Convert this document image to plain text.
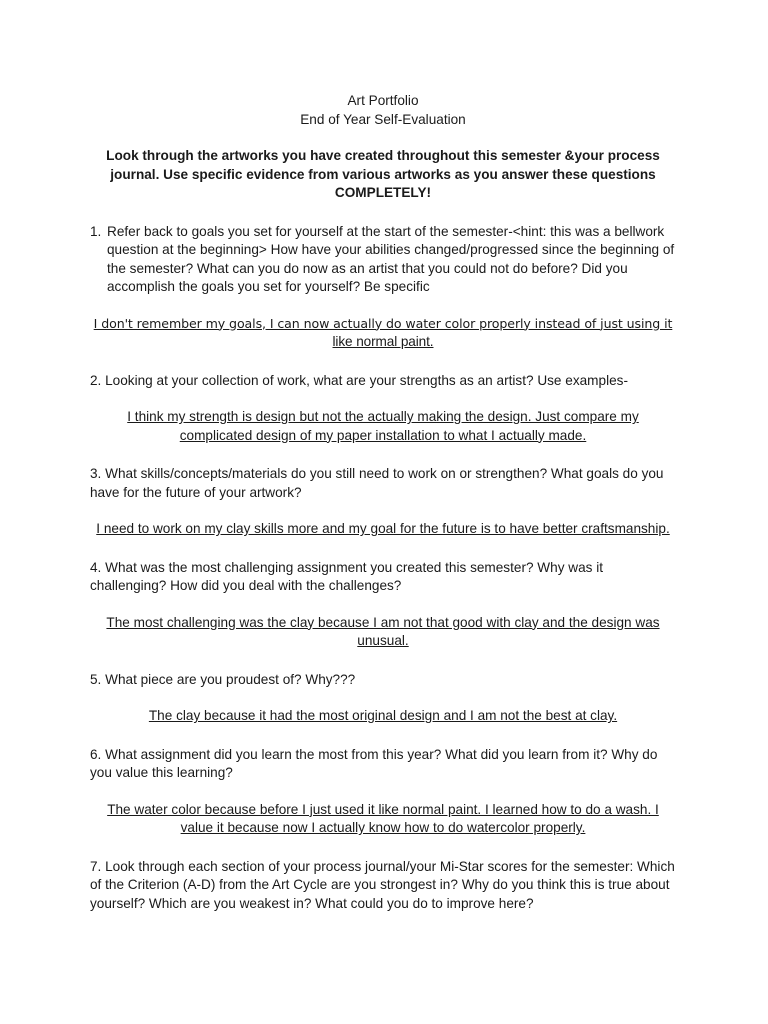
Art Portfolio
End of Year Self-Evaluation
Look through the artworks you have created throughout this semester &your process journal. Use specific evidence from various artworks as you answer these questions COMPLETELY!
1. Refer back to goals you set for yourself at the start of the semester-<hint: this was a bellwork question at the beginning> How have your abilities changed/progressed since the beginning of the semester? What can you do now as an artist that you could not do before? Did you accomplish the goals you set for yourself? Be specific
I don't remember my goals, I can now actually do water color properly instead of just using it
like normal paint.
2. Looking at your collection of work, what are your strengths as an artist? Use examples-
I think my strength is design but not the actually making the design. Just compare my complicated design of my paper installation to what I actually made.
3. What skills/concepts/materials do you still need to work on or strengthen? What goals do you have for the future of your artwork?
I need to work on my clay skills more and my goal for the future is to have better craftsmanship.
4. What was the most challenging assignment you created this semester? Why was it challenging? How did you deal with the challenges?
The most challenging was the clay because I am not that good with clay and the design was unusual.
5. What piece are you proudest of? Why???
The clay because it had the most original design and I am not the best at clay.
6. What assignment did you learn the most from this year? What did you learn from it? Why do you value this learning?
The water color because before I just used it like normal paint. I learned how to do a wash. I value it because now I actually know how to do watercolor properly.
7. Look through each section of your process journal/your Mi-Star scores for the semester: Which of the Criterion (A-D) from the Art Cycle are you strongest in? Why do you think this is true about yourself? Which are you weakest in? What could you do to improve here?
